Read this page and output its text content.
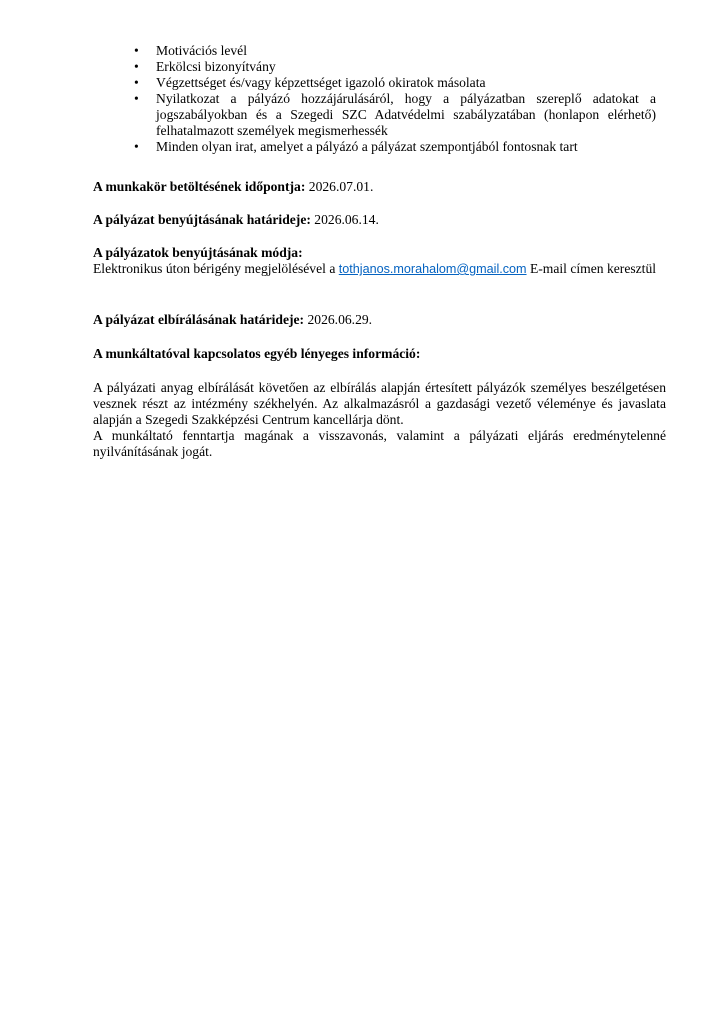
• Motivációs levél
• Erkölcsi bizonyítvány
• Végzettséget és/vagy képzettséget igazoló okiratok másolata
• Nyilatkozat a pályázó hozzájárulásáról, hogy a pályázatban szereplő adatokat a jogszabályokban és a Szegedi SZC Adatvédelmi szabályzatában (honlapon elérhető) felhatalmazott személyek megismerhessék
• Minden olyan irat, amelyet a pályázó a pályázat szempontjából fontosnak tart
A munkakör betöltésének időpontja: 2026.07.01.
A pályázat benyújtásának határideje: 2026.06.14.
A pályázatok benyújtásának módja:
Elektronikus úton bérigény megjelölésével a tothjanos.morahalom@gmail.com E-mail címen keresztül
A pályázat elbírálásának határideje: 2026.06.29.
A munkáltatóval kapcsolatos egyéb lényeges információ:

A pályázati anyag elbírálását követően az elbírálás alapján értesített pályázók személyes beszélgetésen vesznek részt az intézmény székhelyén. Az alkalmazásról a gazdasági vezető véleménye és javaslata alapján a Szegedi Szakképzési Centrum kancellárja dönt.

A munkáltató fenntartja magának a visszavonás, valamint a pályázati eljárás eredménytelenné nyilvánításának jogát.
